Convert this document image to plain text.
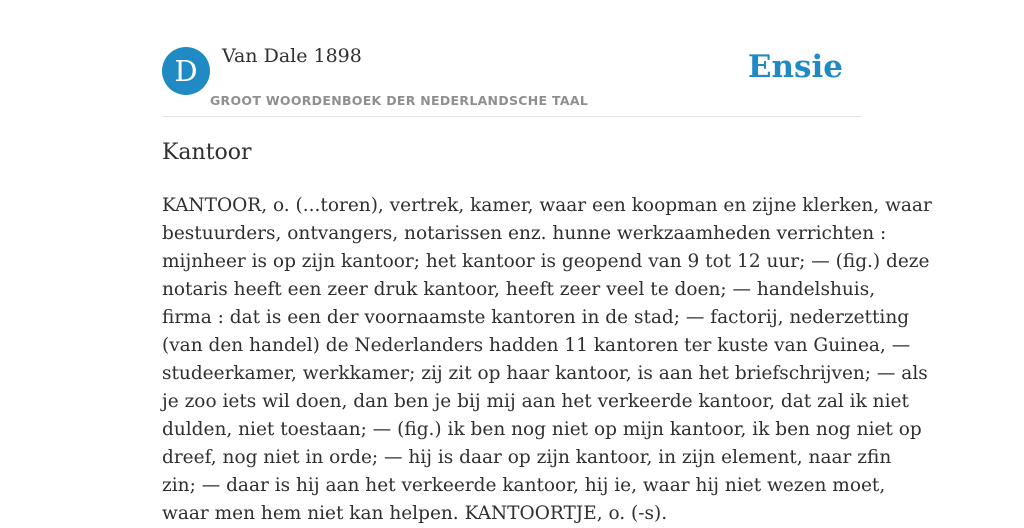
D	Van Dale 1898
GROOT WOORDENBOEK DER NEDERLANDSCHE TAAL
Ensie
Kantoor

KANTOOR, o. (...toren), vertrek, kamer, waar een koopman en zijne klerken, waar
bestuurders, ontvangers, notarissen enz. hunne werkzaamheden verrichten :
mijnheer is op zijn kantoor; het kantoor is geopend van 9 tot 12 uur; — (fig.) deze
notaris heeft een zeer druk kantoor, heeft zeer veel te doen; — handelshuis,
firma : dat is een der voornaamste kantoren in de stad; — factorij, nederzetting
(van den handel) de Nederlanders hadden 11 kantoren ter kuste van Guinea, —
studeerkamer, werkkamer; zij zit op haar kantoor, is aan het briefschrijven; — als
je zoo iets wil doen, dan ben je bij mij aan het verkeerde kantoor, dat zal ik niet
dulden, niet toestaan; — (fig.) ik ben nog niet op mijn kantoor, ik ben nog niet op
dreef, nog niet in orde; — hij is daar op zijn kantoor, in zijn element, naar zfin
zin; — daar is hij aan het verkeerde kantoor, hij ie, waar hij niet wezen moet,
waar men hem niet kan helpen. KANTOORTJE, o. (-s).
